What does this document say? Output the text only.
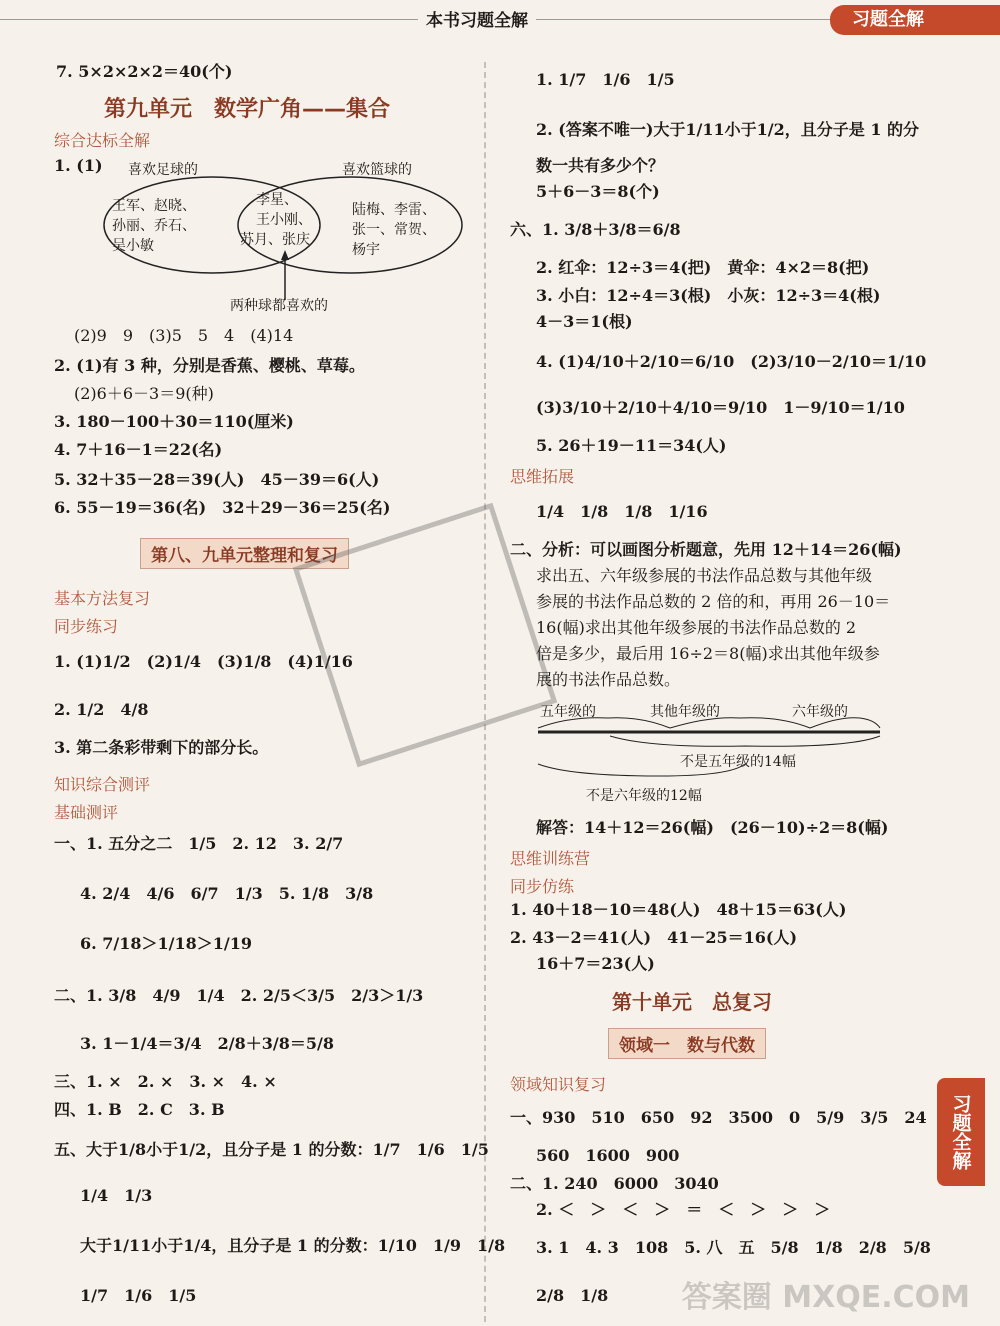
本书习题全解	习题全解
习题全解
7. 5×2×2×2＝40(个)
第九单元　数学广角——集合
综合达标全解
1. (1) 喜欢足球的	喜欢篮球的
王军、赵晓、
孙丽、乔石、
吴小敏
李星、
王小刚、
苏月、张庆
陆梅、李雷、
张一、常贺、
杨宇
两种球都喜欢的
(2)9　9　(3)5　5　4　(4)14
2. (1)有 3 种，分别是香蕉、樱桃、草莓。
(2)6＋6－3＝9(种)
3. 180－100＋30＝110(厘米)
4. 7＋16－1＝22(名)
5. 32＋35－28＝39(人)　45－39＝6(人)
6. 55－19＝36(名)　32＋29－36＝25(名)
第八、九单元整理和复习
基本方法复习
同步练习
1. (1)1/2　(2)1/4　(3)1/8　(4)1/16
2. 1/2　4/8
3. 第二条彩带剩下的部分长。
知识综合测评
基础测评
一、1. 五分之二　1/5　2. 12　3. 2/7
4. 2/4　4/6　6/7　1/3　5. 1/8　3/8
6. 7/18＞1/18＞1/19
二、1. 3/8　4/9　1/4　2. 2/5＜3/5　2/3＞1/3
3. 1－1/4＝3/4　2/8＋3/8＝5/8
三、1. ×　2. ×　3. ×　4. ×
四、1. B　2. C　3. B
五、大于1/8小于1/2，且分子是 1 的分数：1/7　1/6　1/5
1/4　1/3
大于1/11小于1/4，且分子是 1 的分数：1/10　1/9　1/8
1/7　1/6　1/5
1. 1/7　1/6　1/5
2. (答案不唯一)大于1/11小于1/2，且分子是 1 的分
数一共有多少个？
5＋6－3＝8(个)
六、1. 3/8＋3/8＝6/8
2. 红伞：12÷3＝4(把)　黄伞：4×2＝8(把)
3. 小白：12÷4＝3(根)　小灰：12÷3＝4(根)
4－3＝1(根)
4. (1)4/10＋2/10＝6/10　(2)3/10－2/10＝1/10
(3)3/10＋2/10＋4/10＝9/10　1－9/10＝1/10
5. 26＋19－11＝34(人)
思维拓展
1/4　1/8　1/8　1/16
二、分析：可以画图分析题意，先用 12＋14＝26(幅)
求出五、六年级参展的书法作品总数与其他年级
参展的书法作品总数的 2 倍的和，再用 26－10＝
16(幅)求出其他年级参展的书法作品总数的 2
倍是多少，最后用 16÷2＝8(幅)求出其他年级参
展的书法作品总数。
五年级的	其他年级的	六年级的
不是五年级的14幅
不是六年级的12幅
解答：14＋12＝26(幅)　(26－10)÷2＝8(幅)
思维训练营
同步仿练
1. 40＋18－10＝48(人)　48＋15＝63(人)
2. 43－2＝41(人)　41－25＝16(人)
16＋7＝23(人)
第十单元　总复习
领域一　数与代数
领域知识复习
一、930　510　650　92　3500　0　5/9　3/5　24
560　1600　900
二、1. 240　6000　3040
2. ＜　＞　＜　＞　＝　＜　＞　＞　＞
3. 1　4. 3　108　5. 八　五　5/8　1/8　2/8　5/8
2/8　1/8 答案圈 MXQE.COM
